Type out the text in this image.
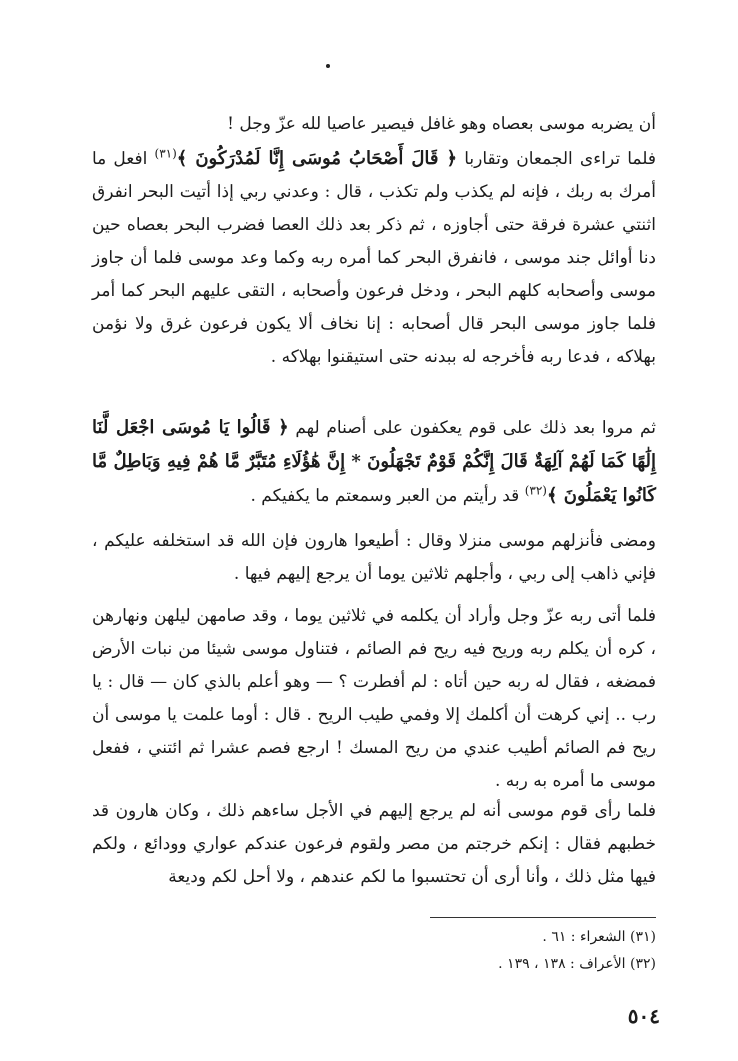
أن يضربه موسى بعصاه وهو غافل فيصير عاصيا لله عزّ وجل !

فلما تراءى الجمعان وتقاربا ﴿ قَالَ أَصْحَابُ مُوسَى إِنَّا لَمُدْرَكُونَ ﴾$^{(٣١)}$ افعل ما أمرك به ربك ، فإنه لم يكذب ولم تكذب ، قال : وعدني ربي إذا أتيت البحر انفرق اثنتي عشرة فرقة حتى أجاوزه ، ثم ذكر بعد ذلك العصا فضرب البحر بعصاه حين دنا أوائل جند موسى ، فانفرق البحر كما أمره ربه وكما وعد موسى فلما أن جاوز موسى وأصحابه كلهم البحر ، ودخل فرعون وأصحابه ، التقى عليهم البحر كما أمر فلما جاوز موسى البحر قال أصحابه : إنا نخاف ألا يكون فرعون غرق ولا نؤمن بهلاكه ، فدعا ربه فأخرجه له ببدنه حتى استيقنوا بهلاكه .

ثم مروا بعد ذلك على قوم يعكفون على أصنام لهم ﴿ قَالُوا يَا مُوسَى اجْعَل لَّنَا إِلَٰهًا كَمَا لَهُمْ آلِهَةٌ قَالَ إِنَّكُمْ قَوْمٌ تَجْهَلُونَ * إِنَّ هَٰؤُلَاءِ مُتَبَّرٌ مَّا هُمْ فِيهِ وَبَاطِلٌ مَّا كَانُوا يَعْمَلُونَ ﴾$^{(٣٢)}$ قد رأيتم من العبر وسمعتم ما يكفيكم .

ومضى فأنزلهم موسى منزلا وقال : أطيعوا هارون فإن الله قد استخلفه عليكم ، فإني ذاهب إلى ربي ، وأجلهم ثلاثين يوما أن يرجع إليهم فيها .

فلما أتى ربه عزّ وجل وأراد أن يكلمه في ثلاثين يوما ، وقد صامهن ليلهن ونهارهن ، كره أن يكلم ربه وريح فيه ريح فم الصائم ، فتناول موسى شيئا من نبات الأرض فمضغه ، فقال له ربه حين أتاه : لم أفطرت ؟ — وهو أعلم بالذي كان — قال : يا رب .. إني كرهت أن أكلمك إلا وفمي طيب الريح . قال : أوما علمت يا موسى أن ريح فم الصائم أطيب عندي من ريح المسك ! ارجع فصم عشرا ثم ائتني ، ففعل موسى ما أمره به ربه .

فلما رأى قوم موسى أنه لم يرجع إليهم في الأجل ساءهم ذلك ، وكان هارون قد خطبهم فقال : إنكم خرجتم من مصر ولقوم فرعون عندكم عواري وودائع ، ولكم فيها مثل ذلك ، وأنا أرى أن تحتسبوا ما لكم عندهم ، ولا أحل لكم وديعة

(٣١) الشعراء : ٦١ .
(٣٢) الأعراف : ١٣٨ ، ١٣٩ .
٥٠٤
